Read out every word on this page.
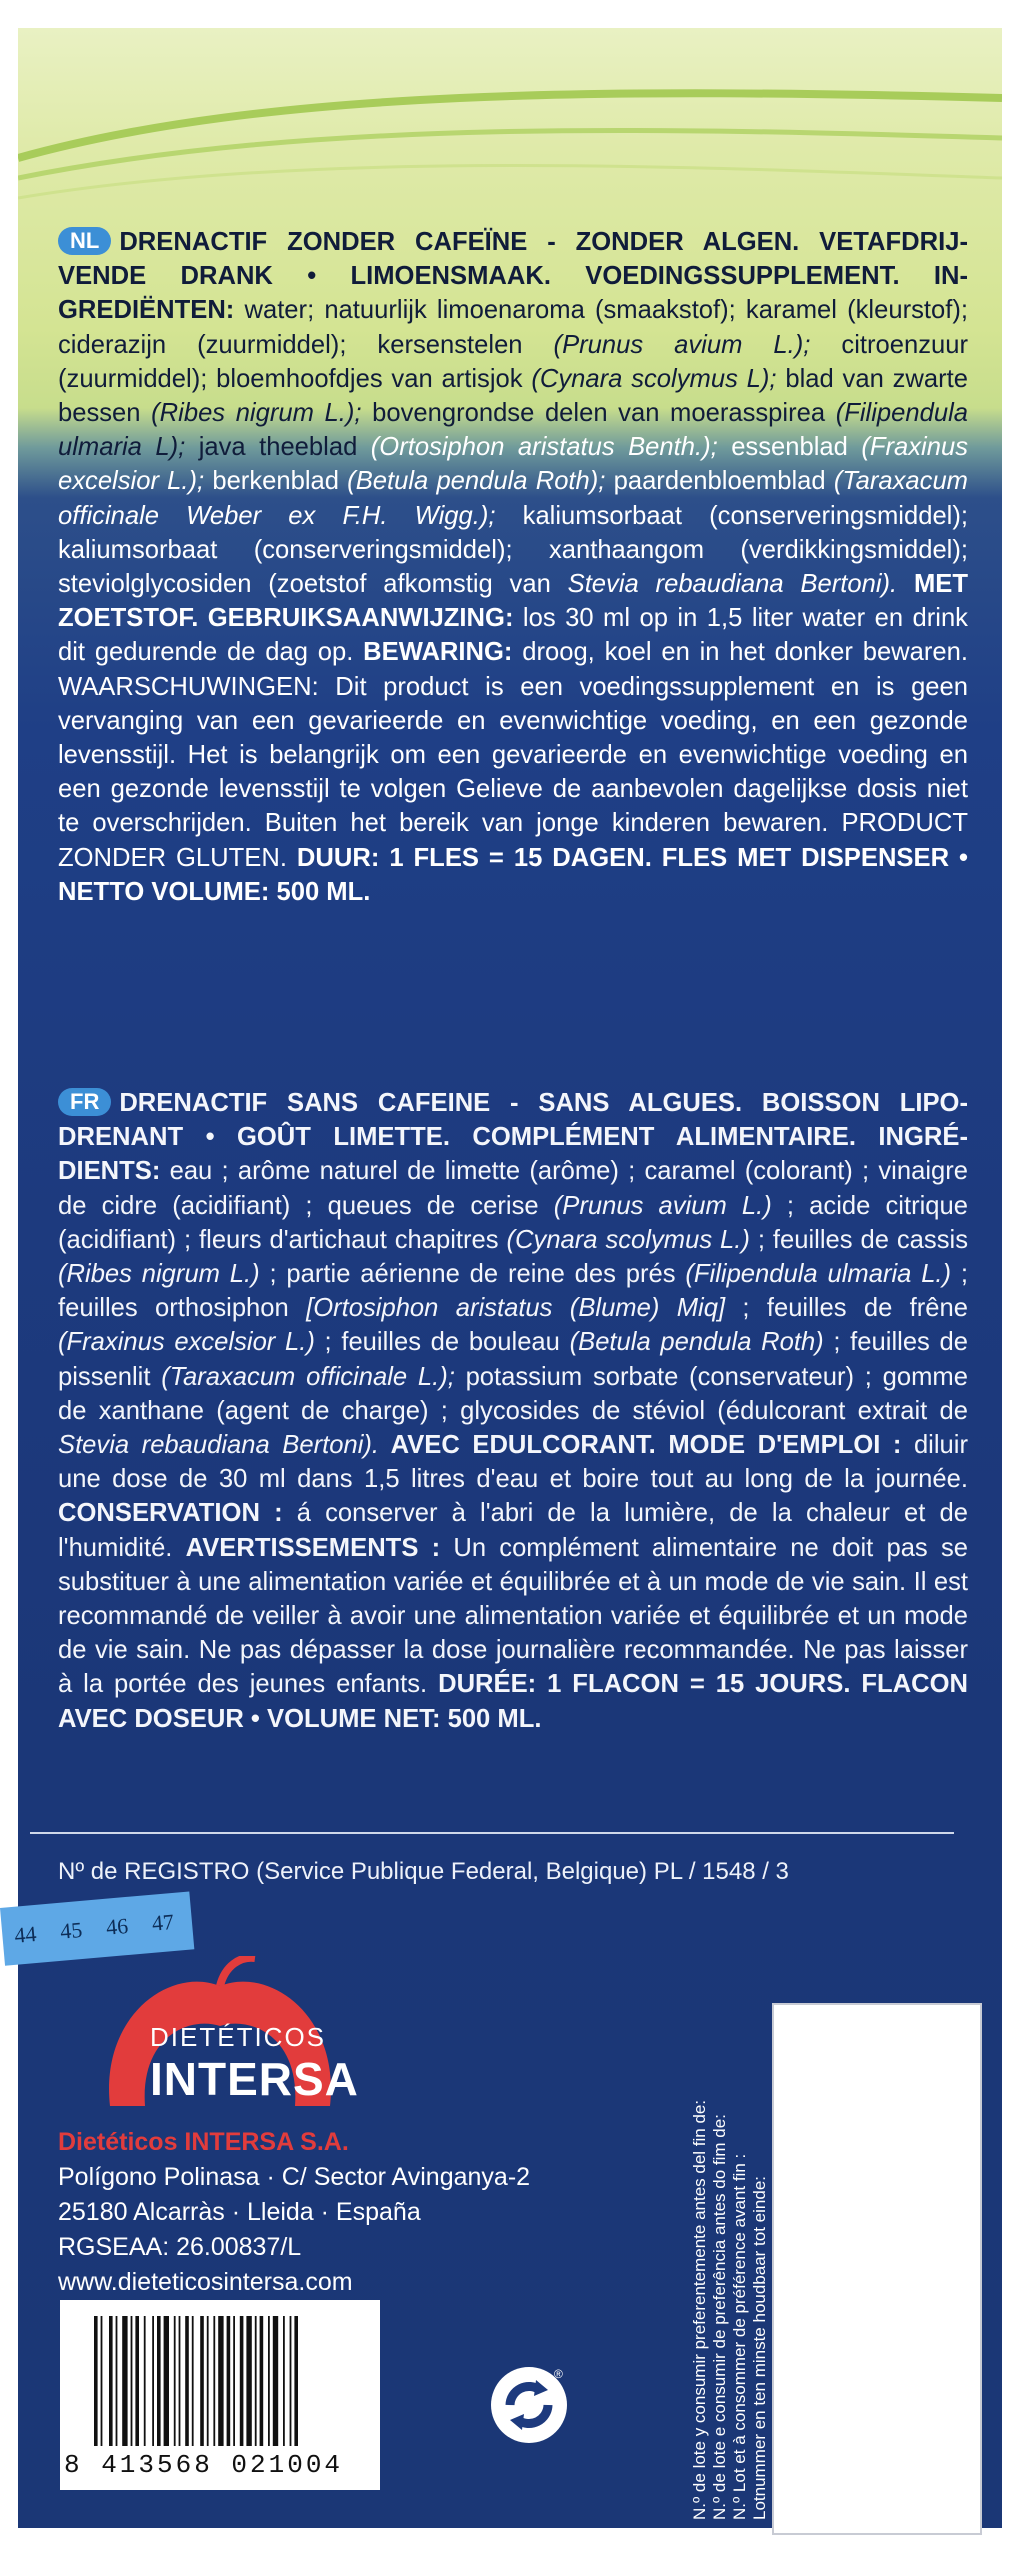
NL DRENACTIF ZONDER CAFEÏNE - ZONDER ALGEN. VETAFDRIJ-VENDE DRANK • LIMOENSMAAK. VOEDINGSSUPPLEMENT. IN-GREDIËNTEN: water; natuurlijk limoenaroma (smaakstof); karamel (kleurstof); ciderazijn (zuurmiddel); kersenstelen (Prunus avium L.); citroenzuur (zuurmiddel); bloemhoofdjes van artisjok (Cynara scolymus L); blad van zwarte bessen (Ribes nigrum L.); bovengrondse delen van moerasspirea (Filipendula ulmaria L); java theeblad (Ortosiphon aristatus Benth.); essenblad (Fraxinus excelsior L.); berkenblad (Betula pendula Roth); paardenbloemblad (Taraxacum officinale Weber ex F.H. Wigg.); kaliumsorbaat (conserveringsmiddel); kaliumsorbaat (conserveringsmiddel); xanthaangom (verdikkingsmiddel); steviolglycosiden (zoetstof afkomstig van Stevia rebaudiana Bertoni). MET ZOETSTOF. GEBRUIKSAANWIJZING: los 30 ml op in 1,5 liter water en drink dit gedurende de dag op. BEWARING: droog, koel en in het donker bewaren. WAARSCHUWINGEN: Dit product is een voedingssupplement en is geen vervanging van een gevarieerde en evenwichtige voeding, en een gezonde levensstijl. Het is belangrijk om een gevarieerde en evenwichtige voeding en een gezonde levensstijl te volgen Gelieve de aanbevolen dagelijkse dosis niet te overschrijden. Buiten het bereik van jonge kinderen bewaren. PRODUCT ZONDER GLUTEN. DUUR: 1 FLES = 15 DAGEN. FLES MET DISPENSER • NETTO VOLUME: 500 ML.
FR DRENACTIF SANS CAFEINE - SANS ALGUES. BOISSON LIPO-DRENANT • GOÛT LIMETTE. COMPLÉMENT ALIMENTAIRE. INGRÉ-DIENTS: eau ; arôme naturel de limette (arôme) ; caramel (colorant) ; vinaigre de cidre (acidifiant) ; queues de cerise (Prunus avium L.) ; acide citrique (acidifiant) ; fleurs d'artichaut chapitres (Cynara scolymus L.) ; feuilles de cassis (Ribes nigrum L.) ; partie aérienne de reine des prés (Filipendula ulmaria L.) ; feuilles orthosiphon [Ortosiphon aristatus (Blume) Miq] ; feuilles de frêne (Fraxinus excelsior L.) ; feuilles de bouleau (Betula pendula Roth) ; feuilles de pissenlit (Taraxacum officinale L.); potassium sorbate (conservateur) ; gomme de xanthane (agent de charge) ; glycosides de stéviol (édulcorant extrait de Stevia rebaudiana Bertoni). AVEC EDULCORANT. MODE D'EMPLOI : diluir une dose de 30 ml dans 1,5 litres d'eau et boire tout au long de la journée. CONSERVATION : á conserver à l'abri de la lumière, de la chaleur et de l'humidité. AVERTISSEMENTS : Un complément alimentaire ne doit pas se substituer à une alimentation variée et équilibrée et à un mode de vie sain. Il est recommandé de veiller à avoir une alimentation variée et équilibrée et un mode de vie sain. Ne pas dépasser la dose journalière recommandée. Ne pas laisser à la portée des jeunes enfants. DURÉE: 1 FLACON = 15 JOURS. FLACON AVEC DOSEUR • VOLUME NET: 500 ML.
Nº de REGISTRO (Service Publique Federal, Belgique) PL / 1548 / 3
44 45 46 47
DIETÉTICOS
INTERSA
Dietéticos INTERSA S.A.
Polígono Polinasa · C/ Sector Avinganya-2
25180 Alcarràs · Lleida · España
RGSEAA: 26.00837/L
www.dieteticosintersa.com
8 413568 021004
®	N.º de lote y consumir preferentemente antes del fin de: N.º de lote e consumir de preferência antes do fim de: N.º Lot et à consommer de préférence avant fin : Lotnummer en ten minste houdbaar tot einde:
